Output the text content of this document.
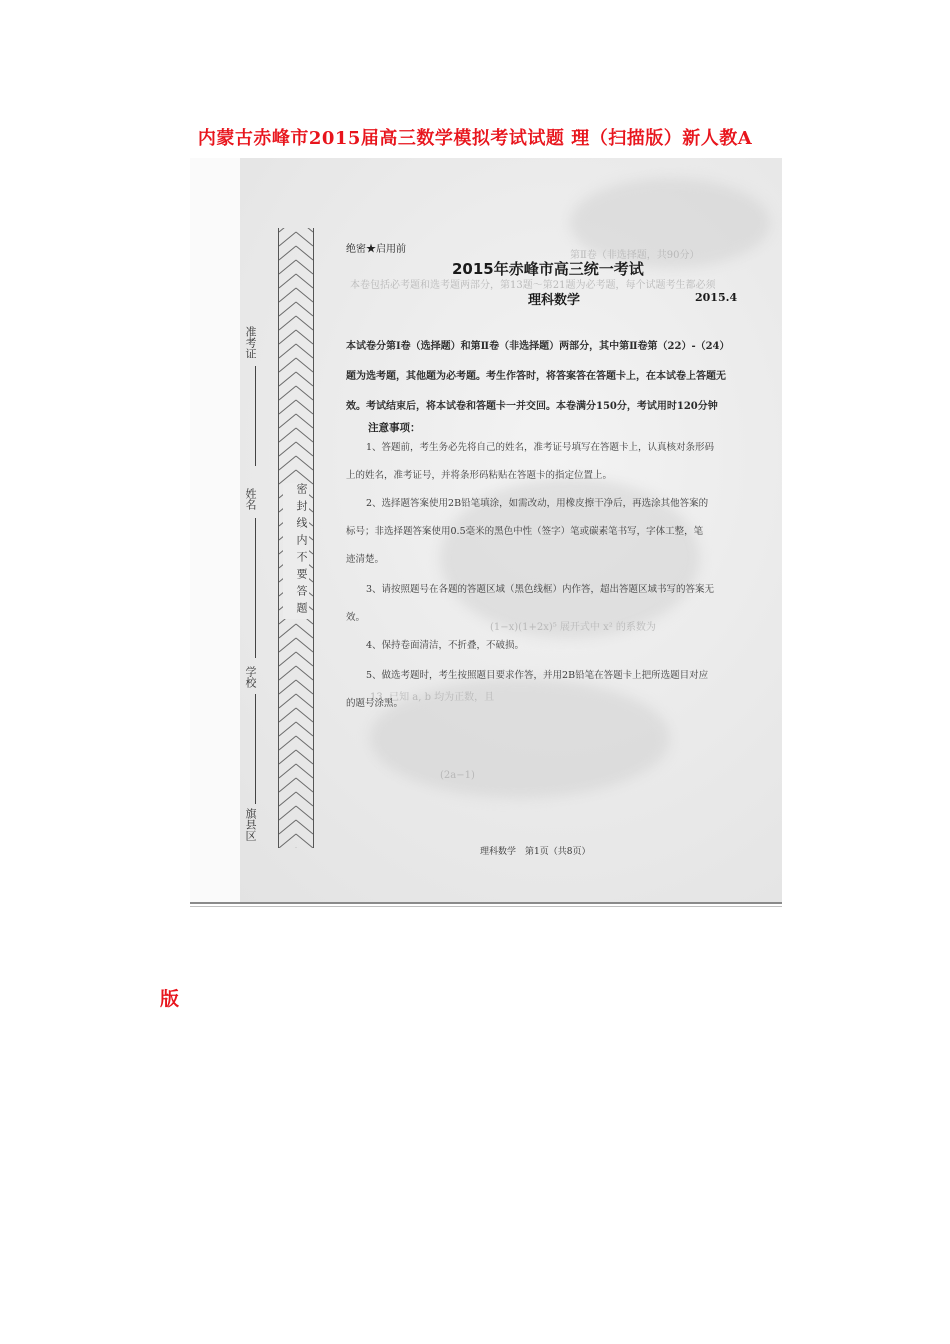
内蒙古赤峰市2015届高三数学模拟考试试题 理（扫描版）新人教A
第Ⅱ卷（非选择题，共90分）
本卷包括必考题和选考题两部分，第13题～第21题为必考题，每个试题考生都必须
(1−x)(1+2x)⁵ 展开式中 x² 的系数为
13. 已知 a, b 均为正数，且
(2a−1)
密封线内不要答题
准考证
姓名
学校
旗县区
绝密★启用前
2015年赤峰市高三统一考试
理科数学	2015.4
本试卷分第Ⅰ卷（选择题）和第Ⅱ卷（非选择题）两部分，其中第Ⅱ卷第（22）-（24）
题为选考题，其他题为必考题。考生作答时，将答案答在答题卡上，在本试卷上答题无
效。考试结束后，将本试卷和答题卡一并交回。本卷满分150分，考试用时120分钟
注意事项：
1、答题前，考生务必先将自己的姓名，准考证号填写在答题卡上，认真核对条形码
上的姓名，准考证号，并将条形码粘贴在答题卡的指定位置上。
2、选择题答案使用2B铅笔填涂，如需改动，用橡皮擦干净后，再选涂其他答案的
标号；非选择题答案使用0.5毫米的黑色中性（签字）笔或碳素笔书写，字体工整，笔
迹清楚。
3、请按照题号在各题的答题区域（黑色线框）内作答，超出答题区域书写的答案无
效。
4、保持卷面清洁，不折叠，不破损。
5、做选考题时，考生按照题目要求作答，并用2B铅笔在答题卡上把所选题目对应
的题号涂黑。
理科数学　第1页（共8页）
版
